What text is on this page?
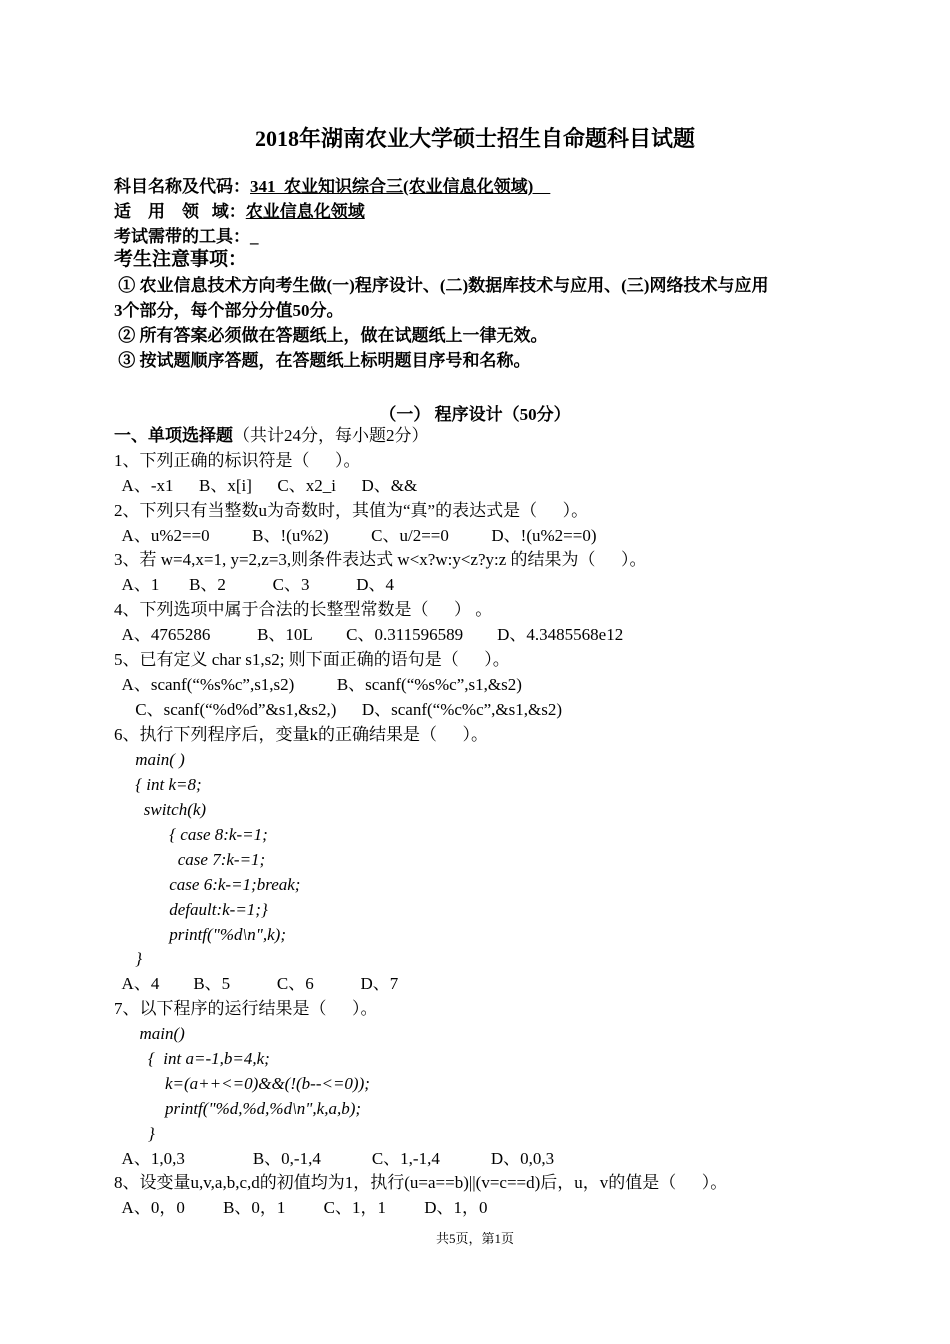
2018年湖南农业大学硕士招生自命题科目试题
科目名称及代码：341  农业知识综合三(农业信息化领域)
适    用    领   域：农业信息化领域
考试需带的工具：_
考生注意事项：
① 农业信息技术方向考生做(一)程序设计、(二)数据库技术与应用、(三)网络技术与应用
3个部分，每个部分分值50分。
② 所有答案必须做在答题纸上，做在试题纸上一律无效。
③ 按试题顺序答题，在答题纸上标明题目序号和名称。
（一） 程序设计（50分）
一、单项选择题（共计24分，每小题2分）
1、下列正确的标识符是（      ）。
A、-x1      B、x[i]      C、x2_i      D、&&
2、下列只有当整数u为奇数时，其值为“真”的表达式是（      ）。
A、u%2==0          B、!(u%2)          C、u/2==0          D、!(u%2==0)
3、若 w=4,x=1, y=2,z=3,则条件表达式 w<x?w:y<z?y:z 的结果为（      ）。
A、1       B、2           C、3           D、4
4、下列选项中属于合法的长整型常数是（      ） 。
A、4765286           B、10L        C、0.311596589        D、4.3485568e12
5、已有定义 char s1,s2; 则下面正确的语句是（      ）。
A、scanf(“%s%c”,s1,s2)          B、scanf(“%s%c”,s1,&s2)
C、scanf(“%d%d”&s1,&s2,)      D、scanf(“%c%c”,&s1,&s2)
6、执行下列程序后，变量k的正确结果是（      ）。
main( )
{ int k=8;
switch(k)
{ case 8:k-=1;
case 7:k-=1;
case 6:k-=1;break;
default:k-=1;}
printf("%d\n",k);
}
A、4        B、5           C、6           D、7
7、以下程序的运行结果是（      ）。
main()
{  int a=-1,b=4,k;
k=(a++<=0)&&(!(b--<=0));
printf("%d,%d,%d\n",k,a,b);
}
A、1,0,3                B、0,-1,4            C、1,-1,4            D、0,0,3
8、设变量u,v,a,b,c,d的初值均为1，执行(u=a==b)||(v=c==d)后，u，v的值是（      ）。
A、0，0         B、0，1         C、1，1         D、1，0
共5页，第1页
